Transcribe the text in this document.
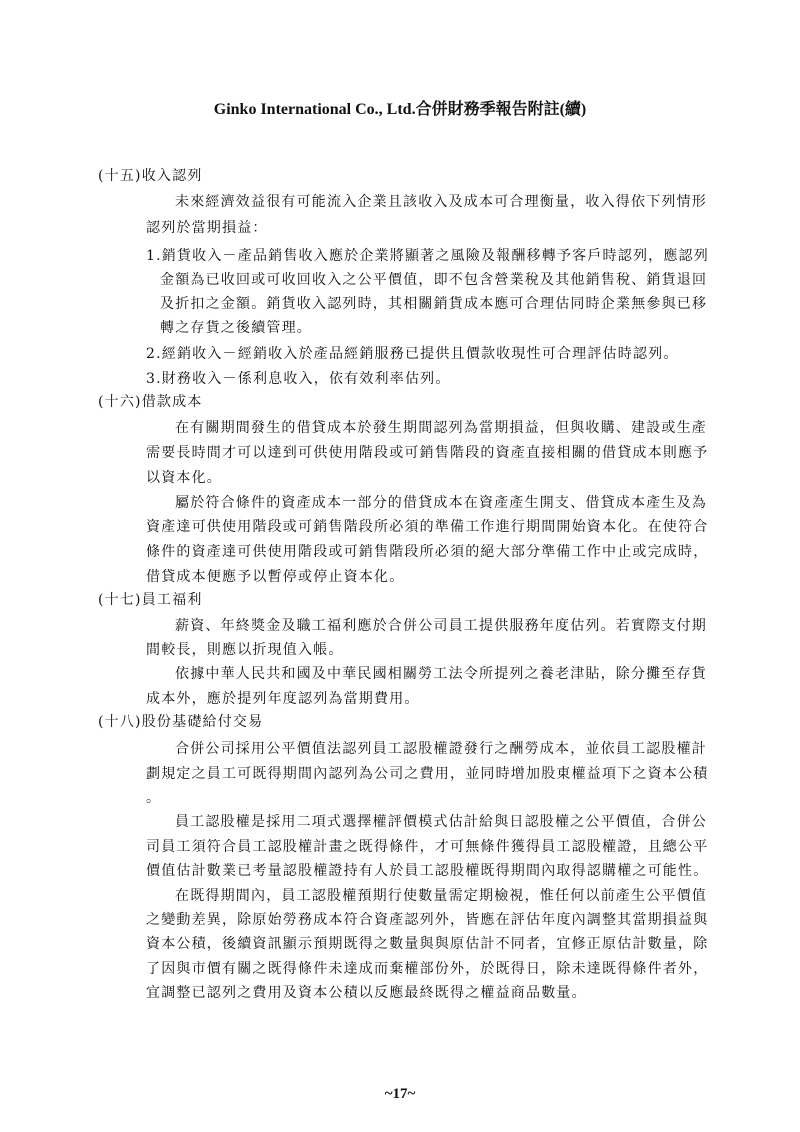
Ginko International Co., Ltd.合併財務季報告附註(續)
(十五)收入認列
未來經濟效益很有可能流入企業且該收入及成本可合理衡量，收入得依下列情形
認列於當期損益：
1.銷貨收入－產品銷售收入應於企業將顯著之風險及報酬移轉予客戶時認列，應認列
金額為已收回或可收回收入之公平價值，即不包含營業稅及其他銷售稅、銷貨退回
及折扣之金額。銷貨收入認列時，其相關銷貨成本應可合理估同時企業無參與已移
轉之存貨之後續管理。
2.經銷收入－經銷收入於產品經銷服務已提供且價款收現性可合理評估時認列。
3.財務收入－係利息收入，依有效利率估列。
(十六)借款成本
在有關期間發生的借貸成本於發生期間認列為當期損益，但與收購、建設或生產
需要長時間才可以達到可供使用階段或可銷售階段的資產直接相關的借貸成本則應予
以資本化。
屬於符合條件的資產成本一部分的借貸成本在資產產生開支、借貸成本產生及為
資產達可供使用階段或可銷售階段所必須的準備工作進行期間開始資本化。在使符合
條件的資產達可供使用階段或可銷售階段所必須的絕大部分準備工作中止或完成時，
借貸成本便應予以暫停或停止資本化。
(十七)員工福利
薪資、年終獎金及職工福利應於合併公司員工提供服務年度估列。若實際支付期
間較長，則應以折現值入帳。
依據中華人民共和國及中華民國相關勞工法令所提列之養老津貼，除分攤至存貨
成本外，應於提列年度認列為當期費用。
(十八)股份基礎給付交易
合併公司採用公平價值法認列員工認股權證發行之酬勞成本，並依員工認股權計
劃規定之員工可既得期間內認列為公司之費用，並同時增加股東權益項下之資本公積
。
員工認股權是採用二項式選擇權評價模式估計給與日認股權之公平價值，合併公
司員工須符合員工認股權計畫之既得條件，才可無條件獲得員工認股權證，且總公平
價值估計數業已考量認股權證持有人於員工認股權既得期間內取得認購權之可能性。
在既得期間內，員工認股權預期行使數量需定期檢視，惟任何以前產生公平價值
之變動差異，除原始勞務成本符合資產認列外，皆應在評估年度內調整其當期損益與
資本公積，後續資訊顯示預期既得之數量與與原估計不同者，宜修正原估計數量，除
了因與市價有關之既得條件未達成而棄權部份外，於既得日，除未達既得條件者外，
宜調整已認列之費用及資本公積以反應最終既得之權益商品數量。
~17~
